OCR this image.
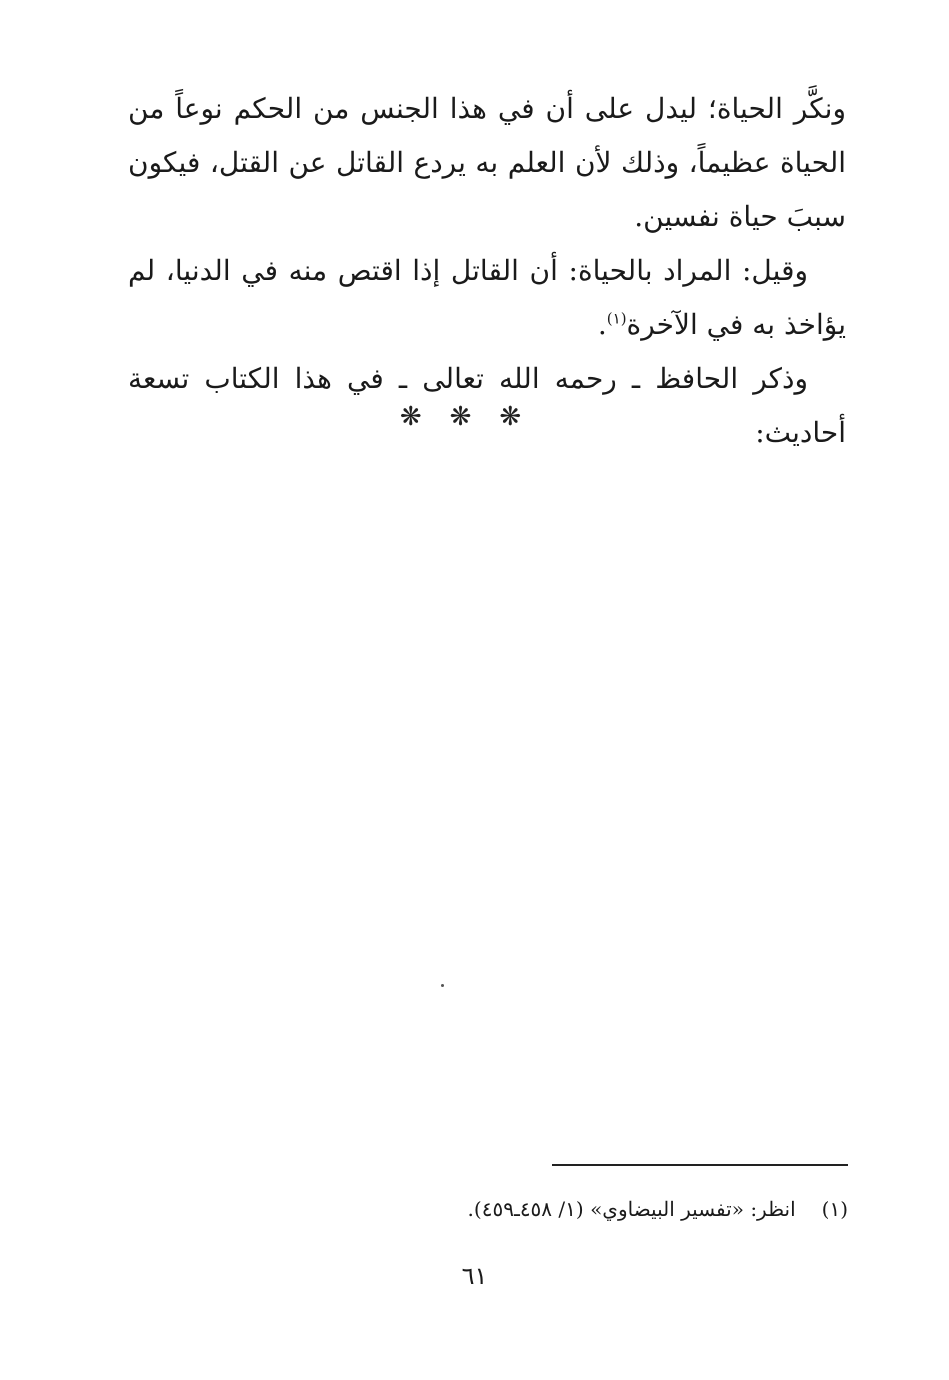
ونكَّر الحياة؛ ليدل على أن في هذا الجنس من الحكم نوعاً من الحياة عظيماً، وذلك لأن العلم به يردع القاتل عن القتل، فيكون سببَ حياة نفسين.

وقيل: المراد بالحياة: أن القاتل إذا اقتص منه في الدنيا، لم يؤاخذ به في الآخرة$^{(١)}$.

وذكر الحافظ ـ رحمه الله تعالى ـ في هذا الكتاب تسعة أحاديث:

❋❋❋
(١)انظر: «تفسير البيضاوي» (١/ ٤٥٨ـ٤٥٩).
٦١
